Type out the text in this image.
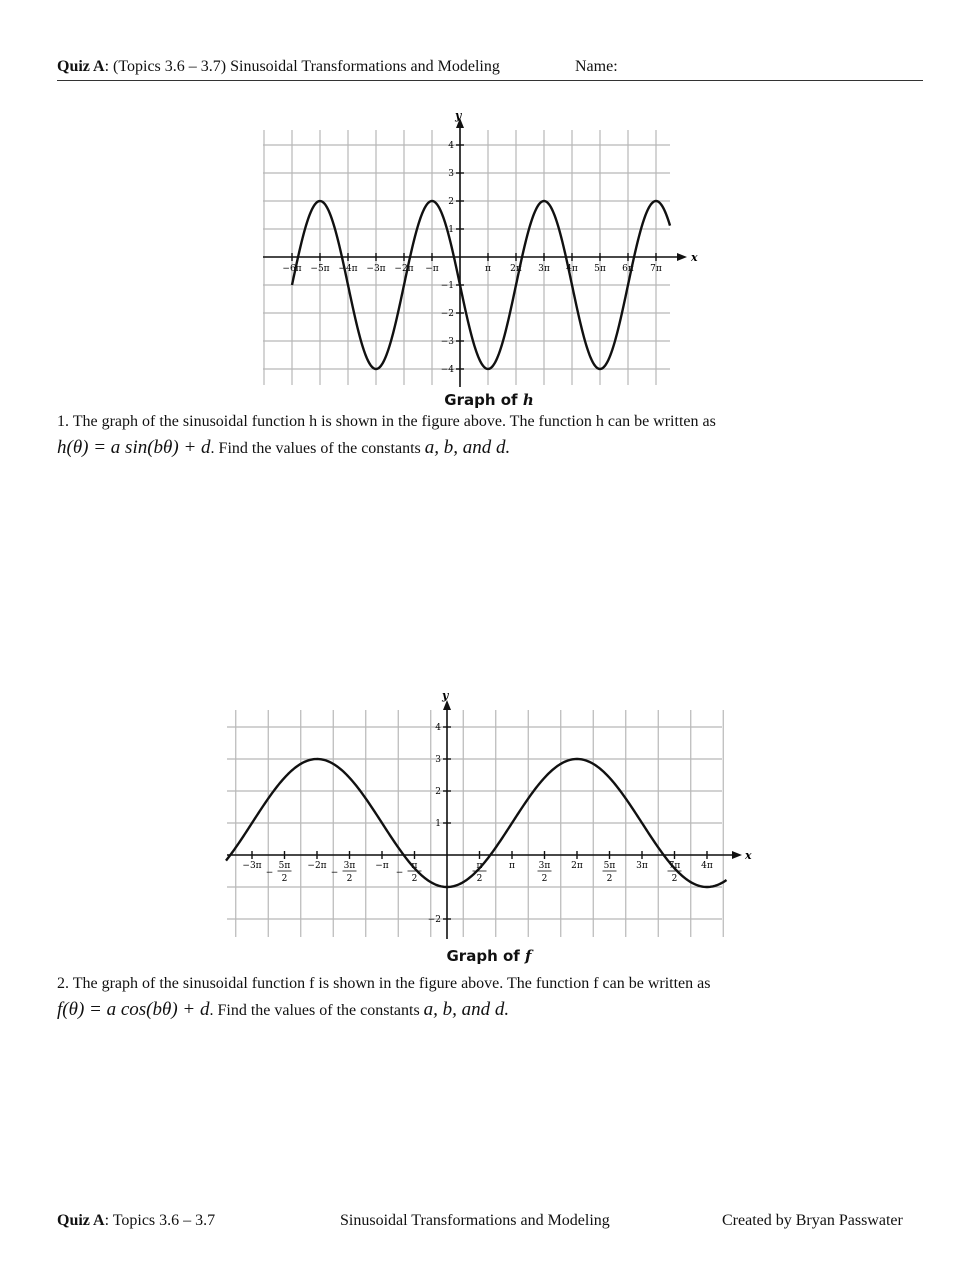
Quiz A: (Topics 3.6 – 3.7) Sinusoidal Transformations and Modeling	Name:
x
y
−6π −5π −4π −3π −2π −π	π 2π 3π 4π 5π 6π 7π
4
3
2
1
−1
−2
−3
−4
Graph of h
1. The graph of the sinusoidal function h is shown in the figure above. The function h can be written as
h(θ) = a sin(bθ) + d. Find the values of the constants a, b, and d.
x
y
−3π 5π
2
−
−2π 3π
2
−
−π	π
2
−
π
2
π	3π
2
2π 5π
2
3π 7π
2
4π
4
3
2
1
−2
Graph of f
2. The graph of the sinusoidal function f is shown in the figure above. The function f can be written as
f(θ) = a cos(bθ) + d. Find the values of the constants a, b, and d.
Quiz A: Topics 3.6 – 3.7	Sinusoidal Transformations and Modeling	Created by Bryan Passwater
